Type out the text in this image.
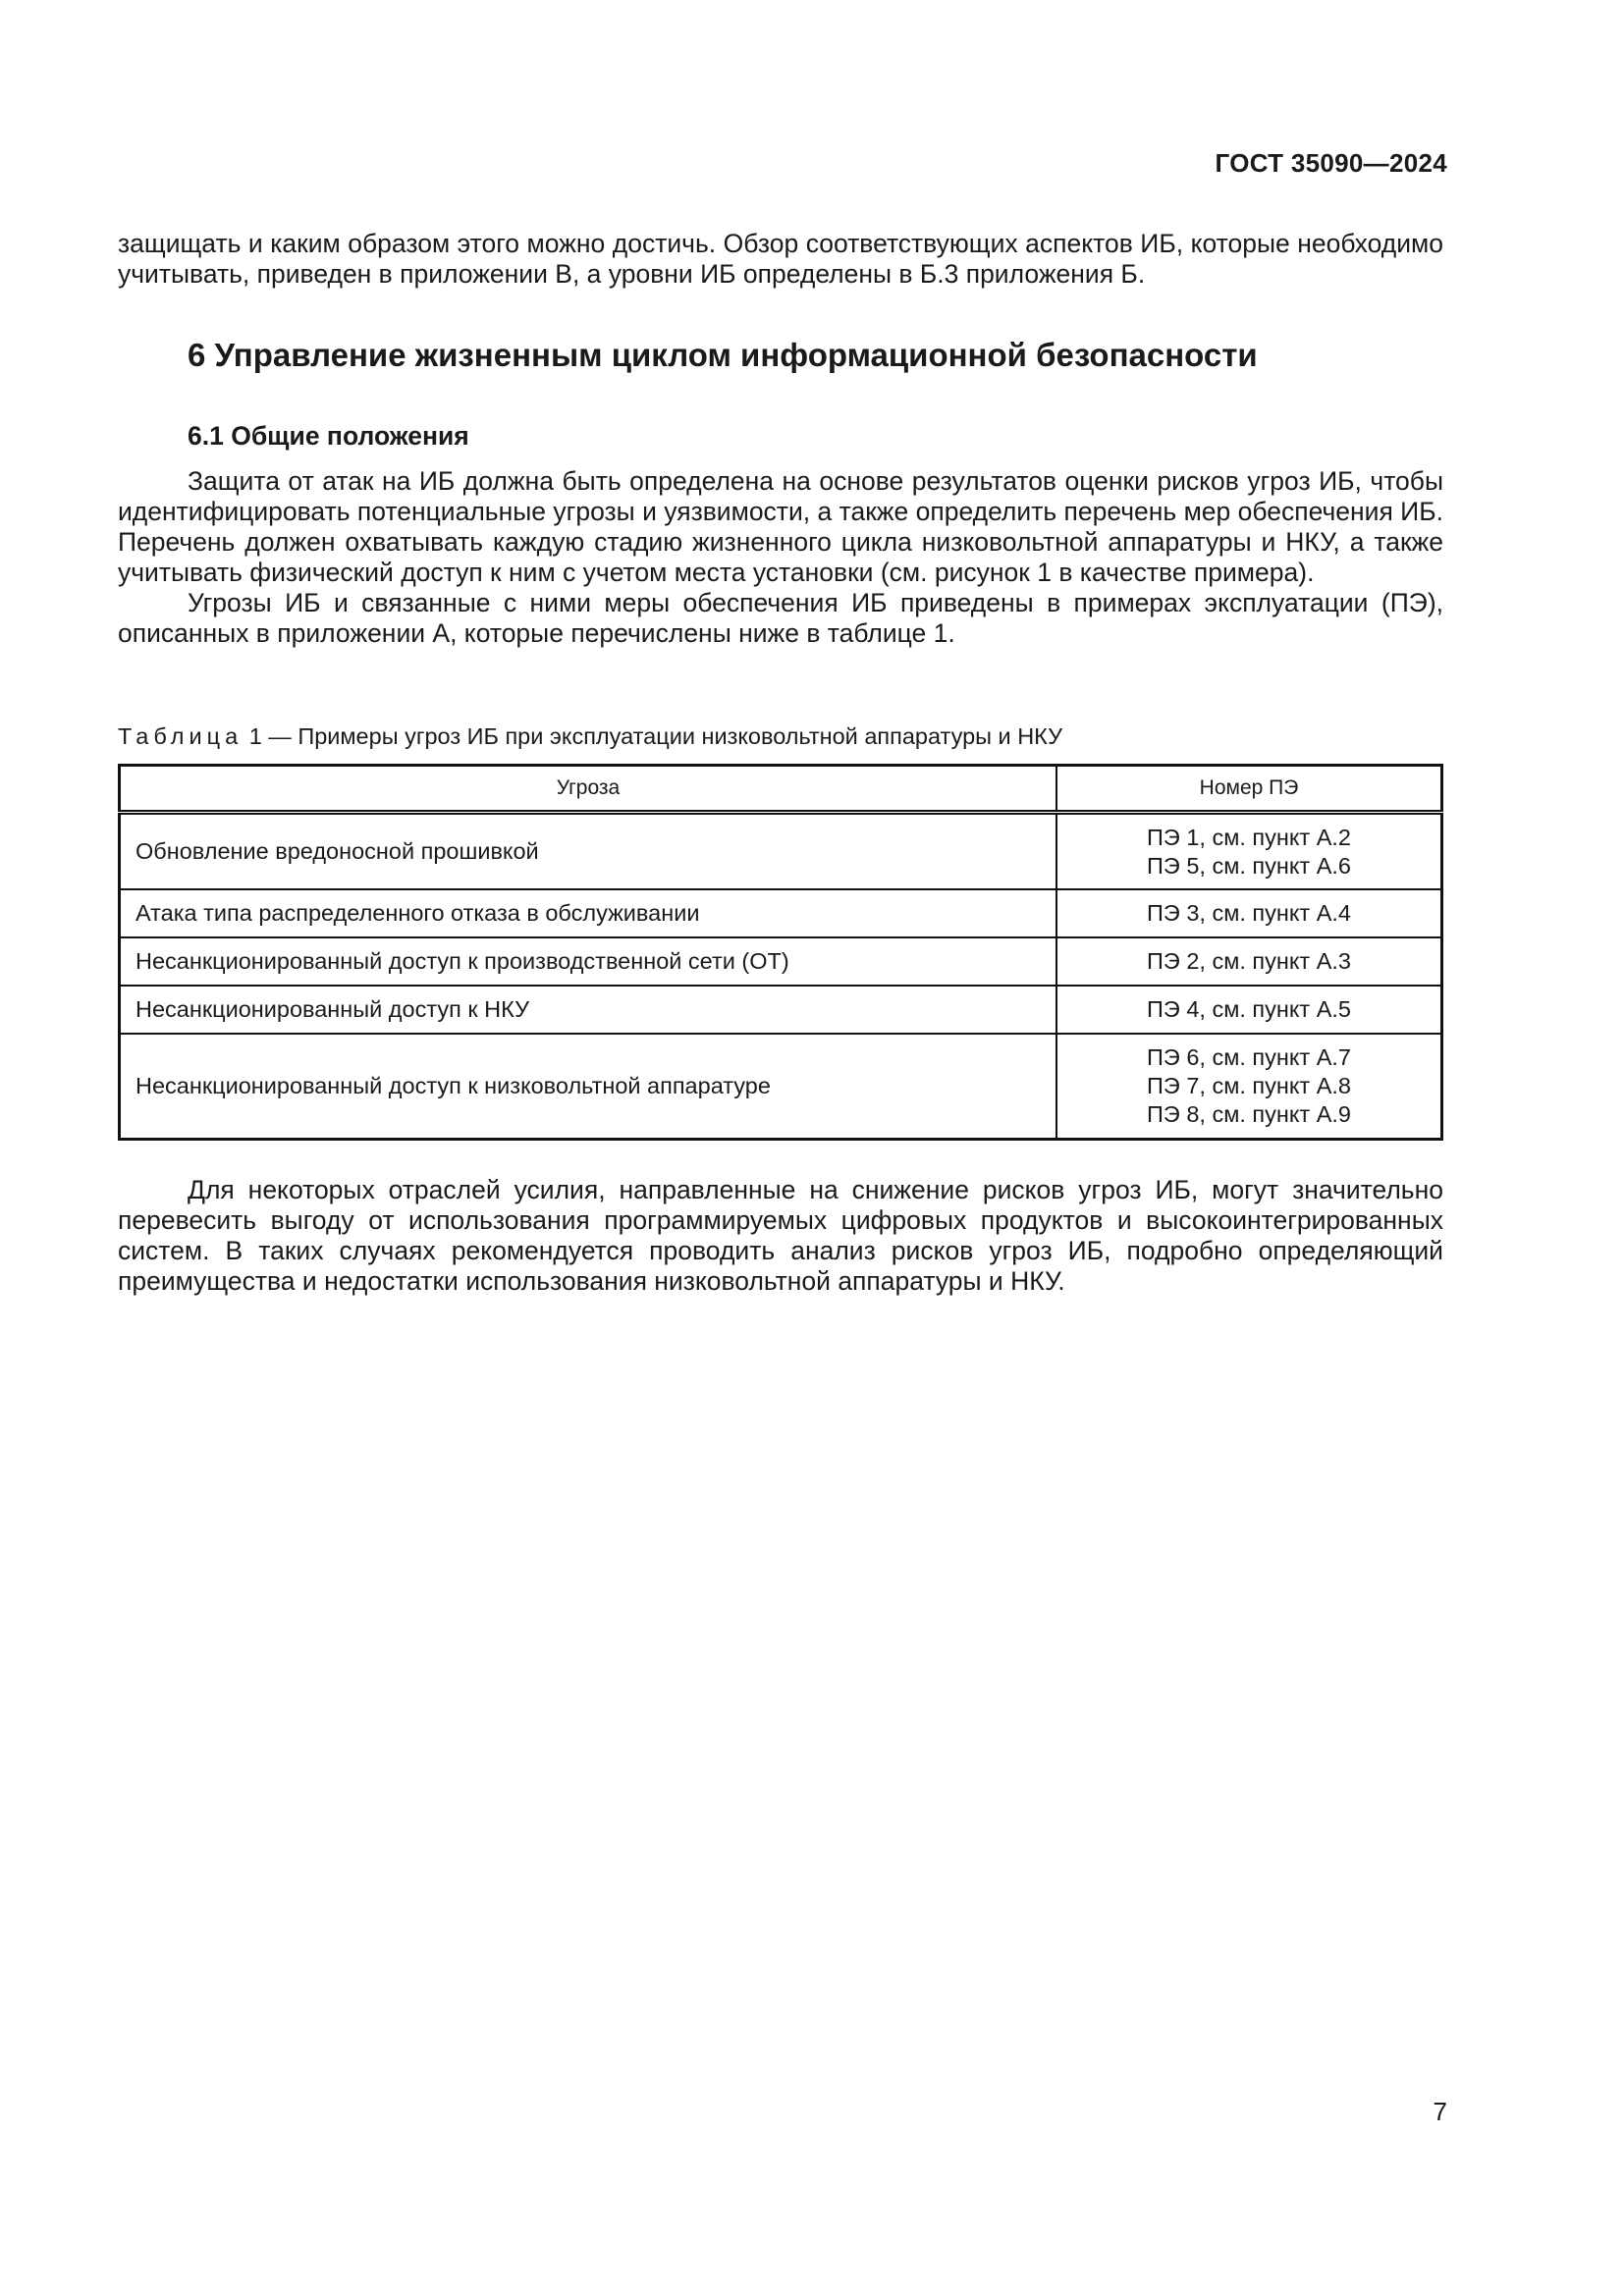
ГОСТ 35090—2024

защищать и каким образом этого можно достичь. Обзор соответствующих аспектов ИБ, которые необходимо учитывать, приведен в приложении В, а уровни ИБ определены в Б.3 приложения Б.

6 Управление жизненным циклом информационной безопасности
6.1 Общие положения

Защита от атак на ИБ должна быть определена на основе результатов оценки рисков угроз ИБ, чтобы идентифицировать потенциальные угрозы и уязвимости, а также определить перечень мер обеспечения ИБ. Перечень должен охватывать каждую стадию жизненного цикла низковольтной аппаратуры и НКУ, а также учитывать физический доступ к ним с учетом места установки (см. рисунок 1 в качестве примера).

Угрозы ИБ и связанные с ними меры обеспечения ИБ приведены в примерах эксплуатации (ПЭ), описанных в приложении А, которые перечислены ниже в таблице 1.

Таблица 1 — Примеры угроз ИБ при эксплуатации низковольтной аппаратуры и НКУ
Угроза	Номер ПЭ
Обновление вредоносной прошивкой	ПЭ 1, см. пункт А.2
ПЭ 5, см. пункт А.6

Атака типа распределенного отказа в обслуживании	ПЭ 3, см. пункт А.4

Несанкционированный доступ к производственной сети (ОТ)	ПЭ 2, см. пункт А.3

Несанкционированный доступ к НКУ	ПЭ 4, см. пункт А.5

Несанкционированный доступ к низковольтной аппаратуре	ПЭ 6, см. пункт А.7
ПЭ 7, см. пункт А.8
ПЭ 8, см. пункт А.9

Для некоторых отраслей усилия, направленные на снижение рисков угроз ИБ, могут значительно перевесить выгоду от использования программируемых цифровых продуктов и высокоинтегрированных систем. В таких случаях рекомендуется проводить анализ рисков угроз ИБ, подробно определяющий преимущества и недостатки использования низковольтной аппаратуры и НКУ.

7
